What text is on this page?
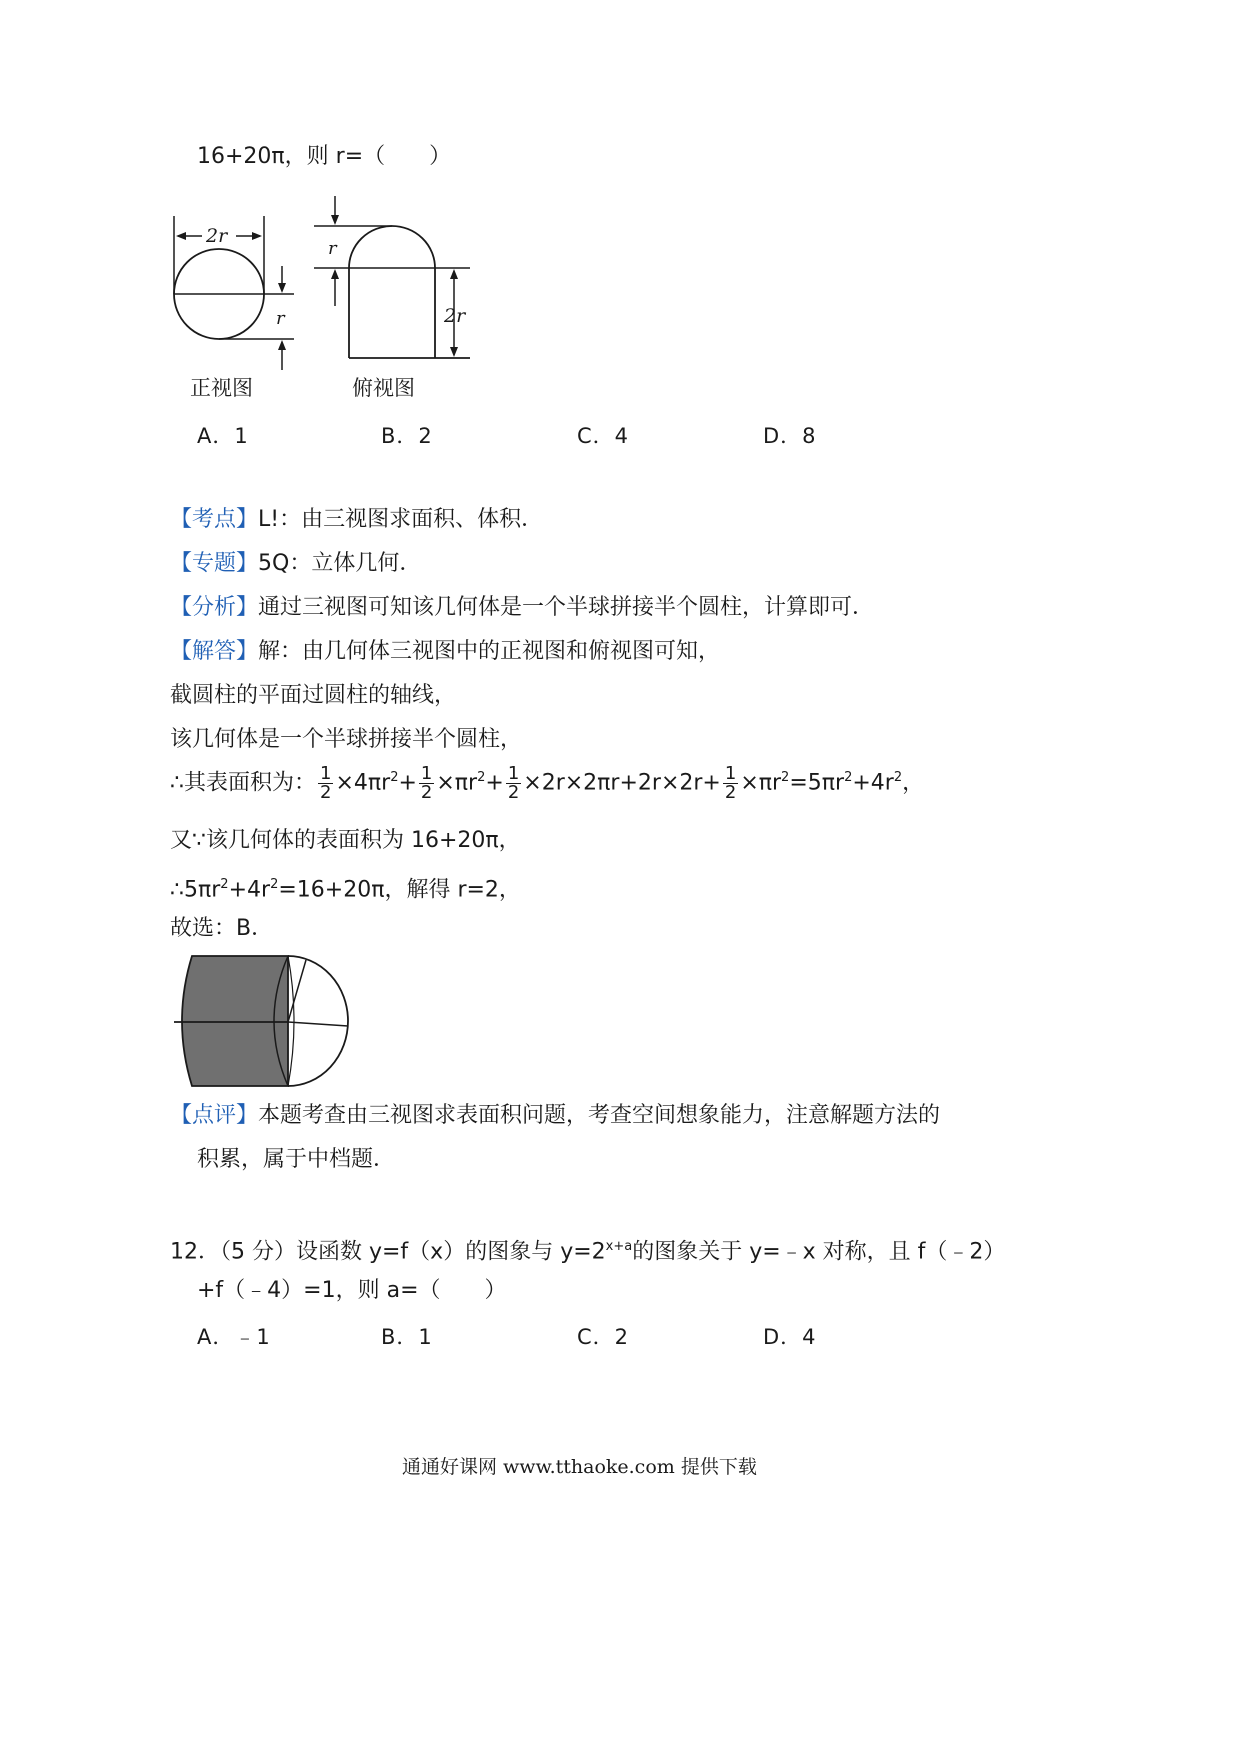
16+20π，则 r=（　　）
2r
r
r
2r
正视图	俯视图
A．1	B．2	C．4	D．8
【考点】L!：由三视图求面积、体积．
【专题】5Q：立体几何．
【分析】通过三视图可知该几何体是一个半球拼接半个圆柱，计算即可．
【解答】解：由几何体三视图中的正视图和俯视图可知，
截圆柱的平面过圆柱的轴线，
该几何体是一个半球拼接半个圆柱，
∴其表面积为： $\frac{1}{2} \times 4\pi r^2+ \frac{1}{2} \times\pi r^2+ \frac{1}{2} \times 2r\times 2\pi r+2r\times 2r+ \frac{1}{2} \times\pi r^2=5\pi r^2+4r^2$，
又∵该几何体的表面积为 16+20π，
$\therefore 5\pi r^2+4r^2=16+20\pi$，解得 r=2，
故选：B．
【点评】本题考查由三视图求表面积问题，考查空间想象能力，注意解题方法的
积累，属于中档题．
12．（5 分）设函数 y=f（x）的图象与 $y=2^{x+a}$的图象关于 y=﹣x 对称，且 f（﹣2）
+f（﹣4）=1，则 a=（　　）
A．﹣1	B．1	C．2	D．4
通通好课网 www.tthaoke.com 提供下载
